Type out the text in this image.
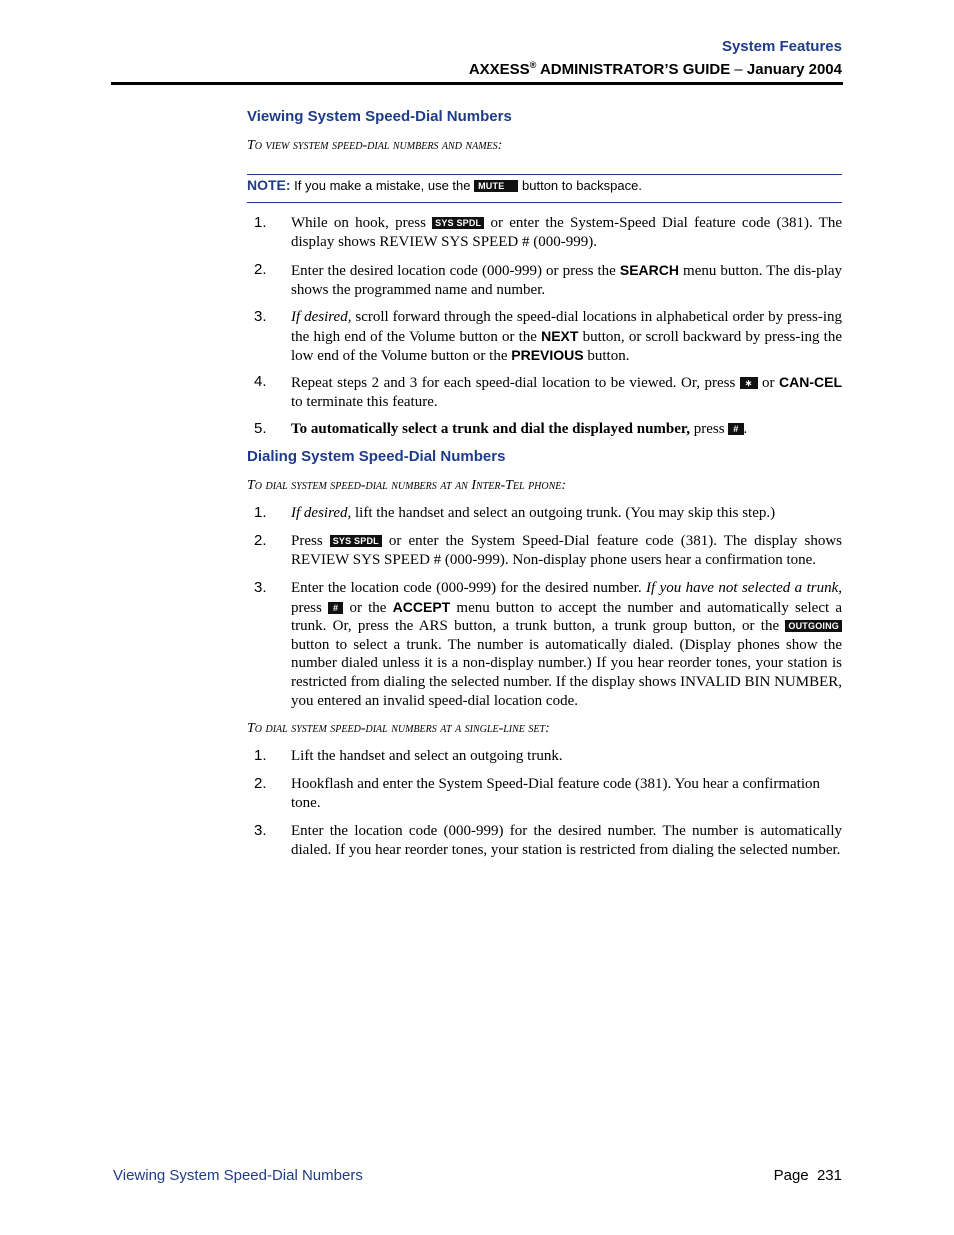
System Features
AXXESS® ADMINISTRATOR’S GUIDE – January 2004
Viewing System Speed-Dial Numbers
To view system speed-dial numbers and names:
NOTE: If you make a mistake, use the MUTE button to backspace.
1. While on hook, press SYS SPDL or enter the System-Speed Dial feature code (381). The display shows REVIEW SYS SPEED # (000-999).
2. Enter the desired location code (000-999) or press the SEARCH menu button. The dis-play shows the programmed name and number.
3. If desired, scroll forward through the speed-dial locations in alphabetical order by press-ing the high end of the Volume button or the NEXT button, or scroll backward by press-ing the low end of the Volume button or the PREVIOUS button.
4. Repeat steps 2 and 3 for each speed-dial location to be viewed. Or, press ∗ or CAN-CEL to terminate this feature.
5. To automatically select a trunk and dial the displayed number, press # .
Dialing System Speed-Dial Numbers
To dial system speed-dial numbers at an Inter-Tel phone:
1. If desired, lift the handset and select an outgoing trunk. (You may skip this step.)
2. Press SYS SPDL or enter the System Speed-Dial feature code (381). The display shows REVIEW SYS SPEED # (000-999). Non-display phone users hear a confirmation tone.
3. Enter the location code (000-999) for the desired number. If you have not selected a trunk, press # or the ACCEPT menu button to accept the number and automatically select a trunk. Or, press the ARS button, a trunk button, a trunk group button, or the OUTGOING button to select a trunk. The number is automatically dialed. (Display phones show the number dialed unless it is a non-display number.) If you hear reorder tones, your station is restricted from dialing the selected number. If the display shows INVALID BIN NUMBER, you entered an invalid speed-dial location code.
To dial system speed-dial numbers at a single-line set:
1. Lift the handset and select an outgoing trunk.
2. Hookflash and enter the System Speed-Dial feature code (381). You hear a confirmation tone.
3. Enter the location code (000-999) for the desired number. The number is automatically dialed. If you hear reorder tones, your station is restricted from dialing the selected number.
Viewing System Speed-Dial Numbers	Page  231
